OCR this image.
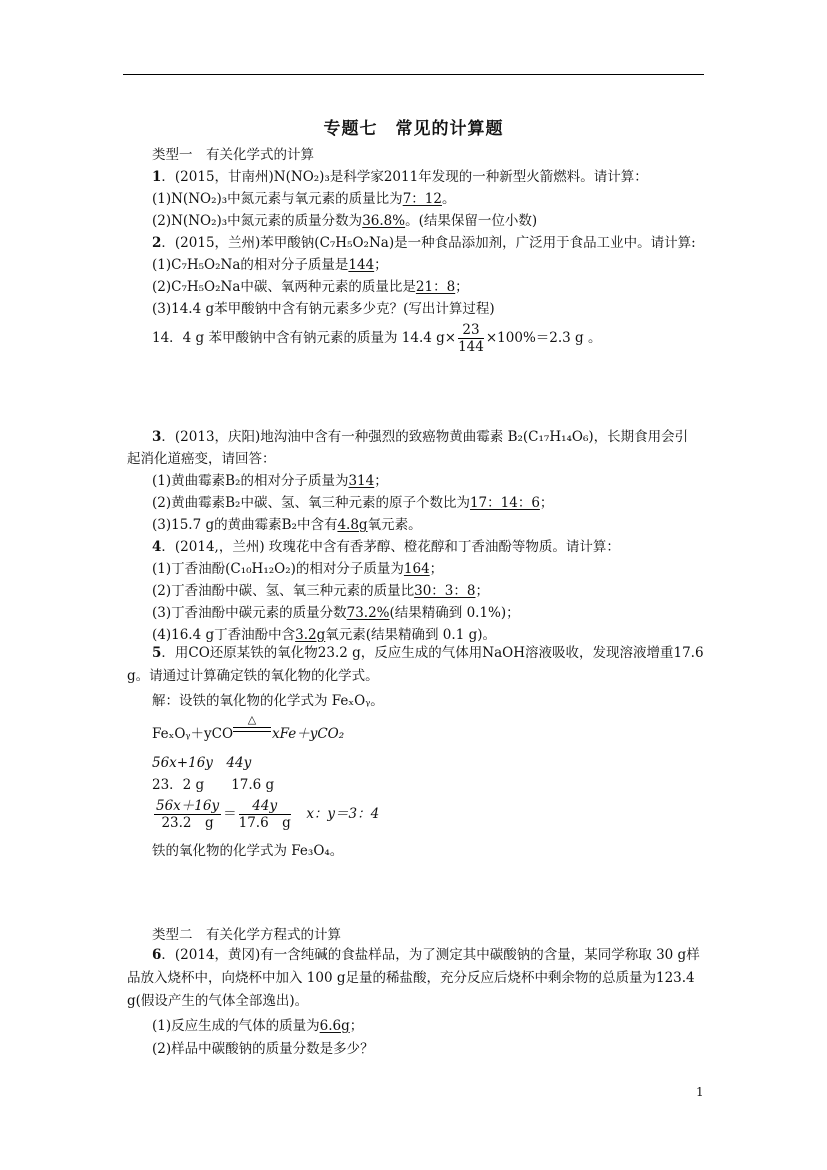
专题七　常见的计算题
类型一　有关化学式的计算
1．(2015，甘南州)N(NO₂)₃是科学家2011年发现的一种新型火箭燃料。请计算：
(1)N(NO₂)₃中氮元素与氧元素的质量比为7：12。
(2)N(NO₂)₃中氮元素的质量分数为36.8%。(结果保留一位小数)
2．(2015，兰州)苯甲酸钠(C₇H₅O₂Na)是一种食品添加剂，广泛用于食品工业中。请计算:
(1)C₇H₅O₂Na的相对分子质量是144；
(2)C₇H₅O₂Na中碳、氧两种元素的质量比是21：8；
(3)14.4 g苯甲酸钠中含有钠元素多少克？(写出计算过程)
14．4 g 苯甲酸钠中含有钠元素的质量为 14.4 $g\times \frac{23}{144} \times 100\%=2.3$ g 。
3．(2013，庆阳)地沟油中含有一种强烈的致癌物黄曲霉素 B₂(C₁₇H₁₄O₆)，长期食用会引
起消化道癌变，请回答：
(1)黄曲霉素B₂的相对分子质量为314；
(2)黄曲霉素B₂中碳、氢、氧三种元素的原子个数比为17：14：6；
(3)15.7 g的黄曲霉素B₂中含有4.8g氧元素。
4．(2014,，兰州) 玫瑰花中含有香茅醇、橙花醇和丁香油酚等物质。请计算：
(1)丁香油酚(C₁₀H₁₂O₂)的相对分子质量为164；
(2)丁香油酚中碳、氢、氧三种元素的质量比30：3：8；
(3)丁香油酚中碳元素的质量分数73.2%(结果精确到 0.1%)；
(4)16.4 g丁香油酚中含3.2g氧元素(结果精确到 0.1 g)。
5．用CO还原某铁的氧化物23.2 g，反应生成的气体用NaOH溶液吸收，发现溶液增重17.6 g。请通过计算确定铁的氧化物的化学式。
解：设铁的氧化物的化学式为 FeₓOᵧ。
FeₓOᵧ＋yCO
△
xFe＋yCO₂
56x+16y　44y
23．2 g　　17.6 g
$\frac{56x+16y}{23.2 g} = \frac{44y}{17.6 g}$
　 x：y＝3：4
铁的氧化物的化学式为 Fe₃O₄。
类型二　有关化学方程式的计算
6．(2014，黄冈)有一含纯碱的食盐样品，为了测定其中碳酸钠的含量，某同学称取 30 g样品放入烧杯中，向烧杯中加入 100 g足量的稀盐酸，充分反应后烧杯中剩余物的总质量为123.4 g(假设产生的气体全部逸出)。
(1)反应生成的气体的质量为6.6g；
(2)样品中碳酸钠的质量分数是多少？
1
